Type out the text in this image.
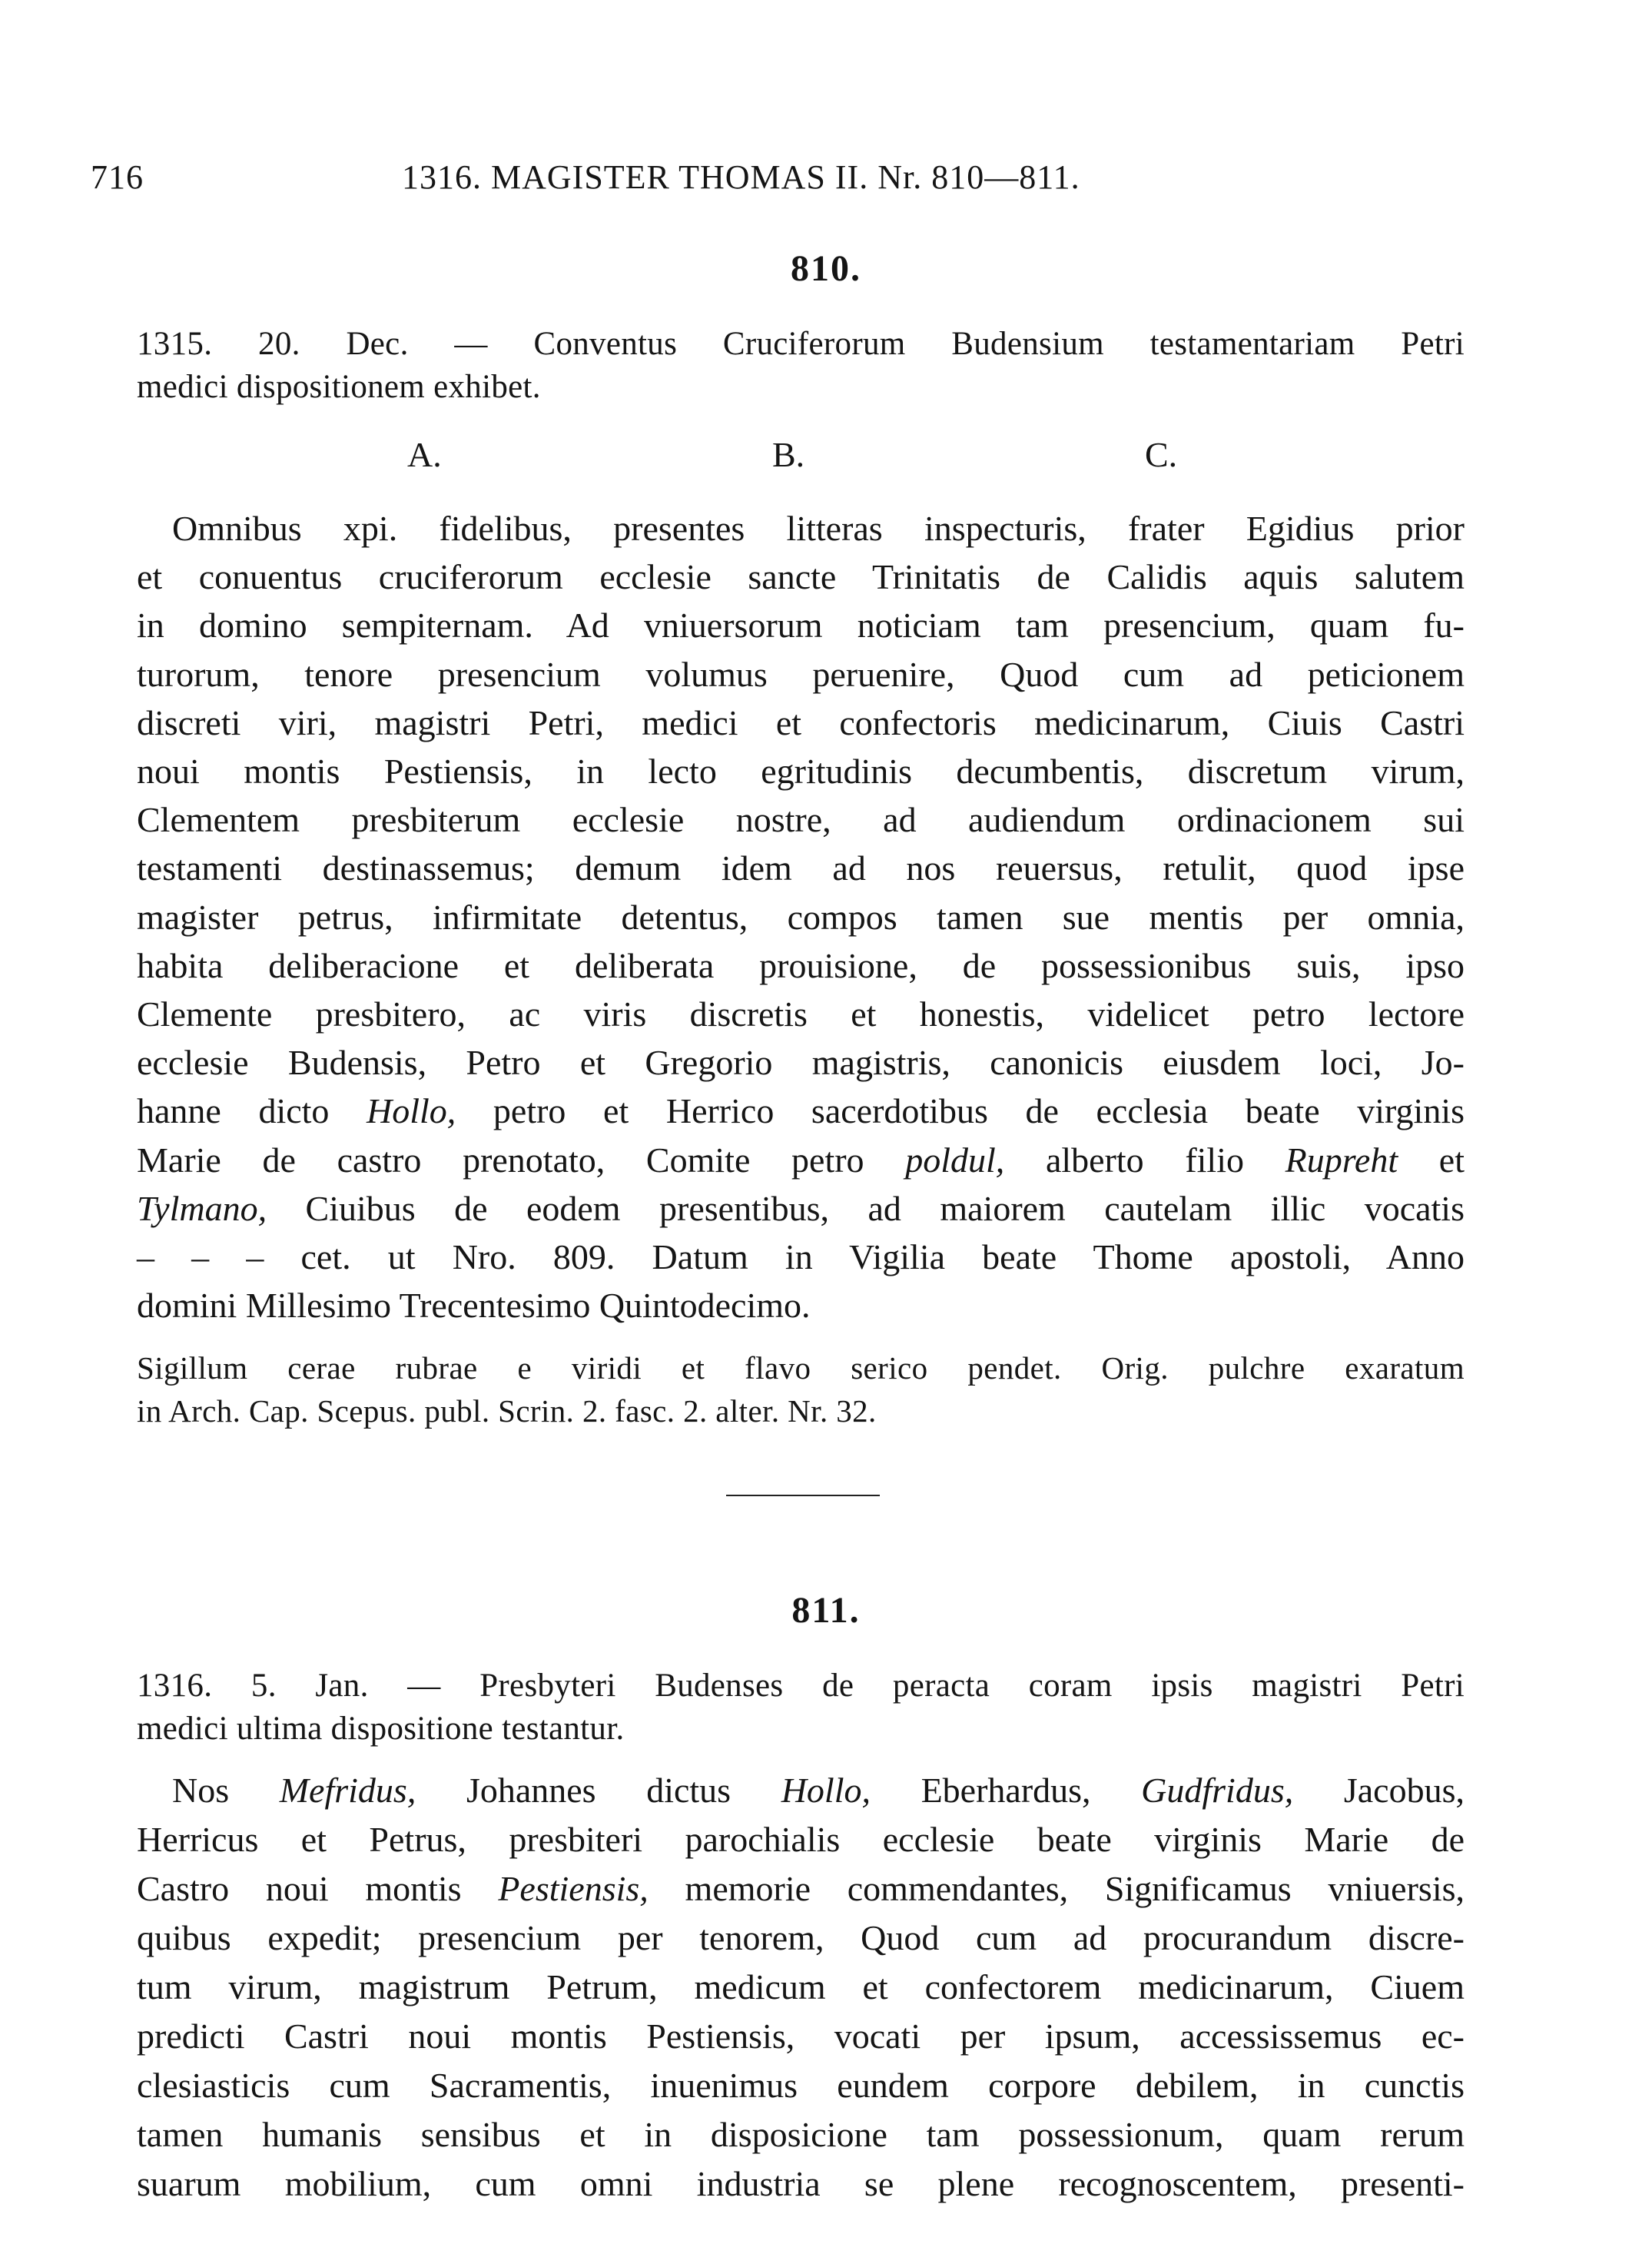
716	1316. MAGISTER THOMAS II. Nr. 810—811.
810.
1315. 20. Dec. — Conventus Cruciferorum Budensium testamentariam Petri
medici dispositionem exhibet.
A.	B.	C.
 Omnibus xpi. fidelibus, presentes litteras inspecturis, frater Egidius prior
et conuentus cruciferorum ecclesie sancte Trinitatis de Calidis aquis salutem
in domino sempiternam. Ad vniuersorum noticiam tam presencium, quam fu-
turorum, tenore presencium volumus peruenire, Quod cum ad peticionem
discreti viri, magistri Petri, medici et confectoris medicinarum, Ciuis Castri
noui montis Pestiensis, in lecto egritudinis decumbentis, discretum virum,
Clementem presbiterum ecclesie nostre, ad audiendum ordinacionem sui
testamenti destinassemus; demum idem ad nos reuersus, retulit, quod ipse
magister petrus, infirmitate detentus, compos tamen sue mentis per omnia,
habita deliberacione et deliberata prouisione, de possessionibus suis, ipso
Clemente presbitero, ac viris discretis et honestis, videlicet petro lectore
ecclesie Budensis, Petro et Gregorio magistris, canonicis eiusdem loci, Jo-
hanne dicto Hollo, petro et Herrico sacerdotibus de ecclesia beate virginis
Marie de castro prenotato, Comite petro poldul, alberto filio Rupreht et
Tylmano, Ciuibus de eodem presentibus, ad maiorem cautelam illic vocatis
– – – cet. ut Nro. 809. Datum in Vigilia beate Thome apostoli, Anno
domini Millesimo Trecentesimo Quintodecimo.
Sigillum cerae rubrae e viridi et flavo serico pendet. Orig. pulchre exaratum
in Arch. Cap. Scepus. publ. Scrin. 2. fasc. 2. alter. Nr. 32.
811.
1316. 5. Jan. — Presbyteri Budenses de peracta coram ipsis magistri Petri
medici ultima dispositione testantur.
 Nos Mefridus, Johannes dictus Hollo, Eberhardus, Gudfridus, Jacobus,
Herricus et Petrus, presbiteri parochialis ecclesie beate virginis Marie de
Castro noui montis Pestiensis, memorie commendantes, Significamus vniuersis,
quibus expedit; presencium per tenorem, Quod cum ad procurandum discre-
tum virum, magistrum Petrum, medicum et confectorem medicinarum, Ciuem
predicti Castri noui montis Pestiensis, vocati per ipsum, accessissemus ec-
clesiasticis cum Sacramentis, inuenimus eundem corpore debilem, in cunctis
tamen humanis sensibus et in disposicione tam possessionum, quam rerum
suarum mobilium, cum omni industria se plene recognoscentem, presenti-
